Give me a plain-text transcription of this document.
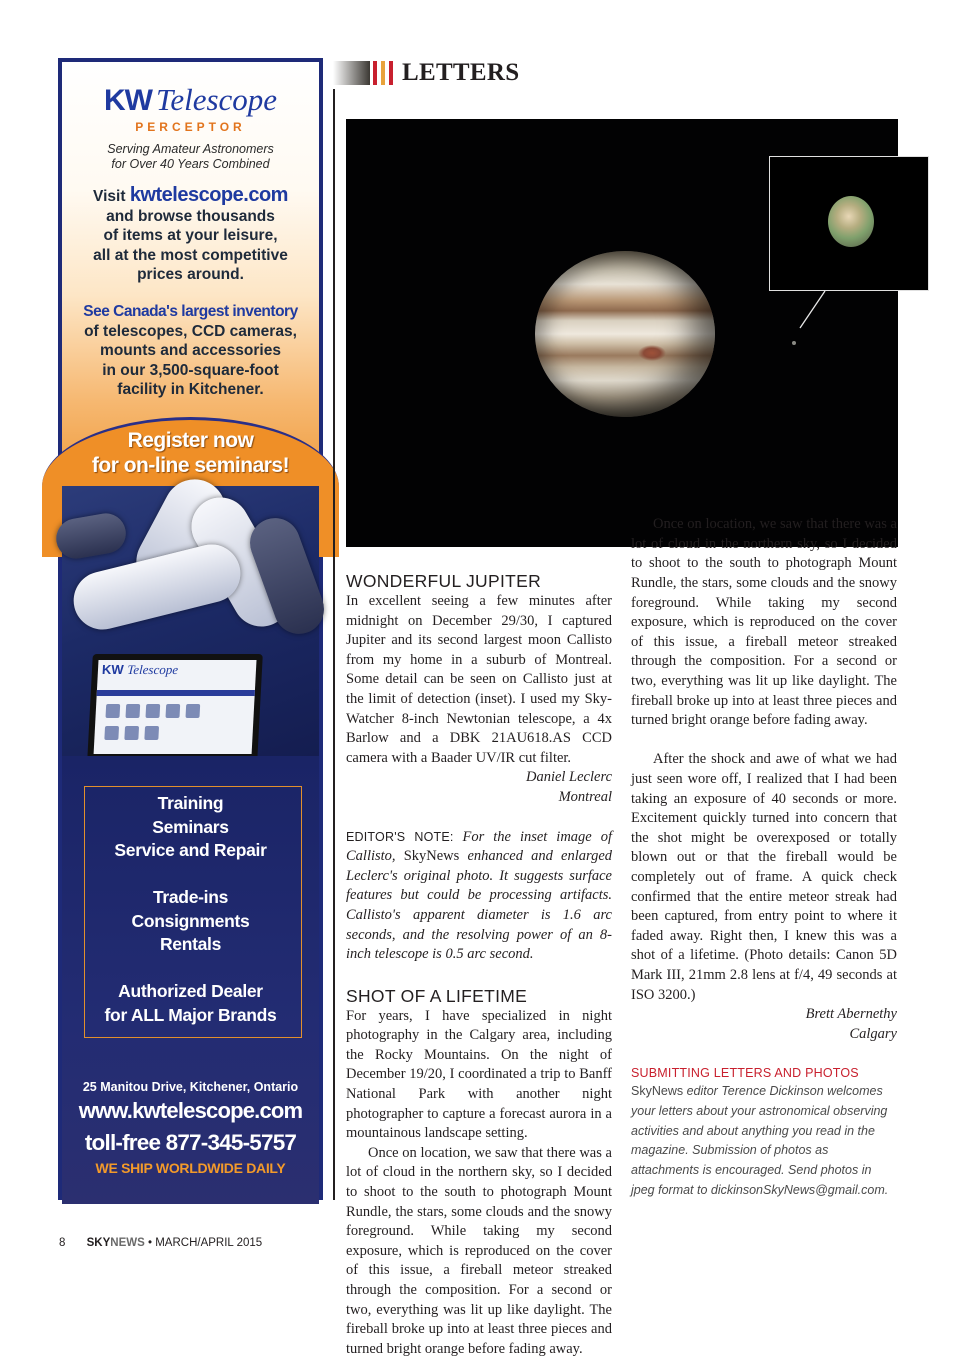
KW Telescope
PERCEPTOR
Serving Amateur Astronomers
for Over 40 Years Combined
Visit kwtelescope.com
and browse thousands
of items at your leisure,
all at the most competitive
prices around.
See Canada's largest inventory
of telescopes, CCD cameras,
mounts and accessories
in our 3,500-square-foot
facility in Kitchener.
Register now
for on-line seminars!
KW Telescope
Training
Seminars
Service and Repair
Trade-ins
Consignments
Rentals
Authorized Dealer
for ALL Major Brands
25 Manitou Drive, Kitchener, Ontario
www.kwtelescope.com
toll-free 877-345-5757
WE SHIP WORLDWIDE DAILY
LETTERS
WONDERFUL JUPITER

In excellent seeing a few minutes after midnight on December 29/30, I captured Jupiter and its second largest moon Callisto from my home in a suburb of Montreal. Some detail can be seen on Callisto just at the limit of detection (inset). I used my Sky-Watcher 8-inch Newtonian telescope, a 4x Barlow and a DBK 21AU618.AS CCD camera with a Baader UV/IR cut filter.

Daniel Leclerc
Montreal

EDITOR'S NOTE: For the inset image of Callisto, SkyNews enhanced and enlarged Leclerc's original photo. It suggests surface features but could be processing artifacts. Callisto's apparent diameter is 1.6 arc seconds, and the resolving power of an 8-inch telescope is 0.5 arc second.

SHOT OF A LIFETIME

For years, I have specialized in night photography in the Calgary area, including the Rocky Mountains. On the night of December 19/20, I coordinated a trip to Banff National Park with another night photographer to capture a forecast aurora in a mountainous landscape setting.

Once on location, we saw that there was a lot of cloud in the northern sky, so I decided to shoot to the south to photograph Mount Rundle, the stars, some clouds and the snowy foreground. While taking my second exposure, which is reproduced on the cover of this issue, a fireball meteor streaked through the composition. For a second or two, everything was lit up like daylight. The fireball broke up into at least three pieces and turned bright orange before fading away.

Once on location, we saw that there was a lot of cloud in the northern sky, so I decided to shoot to the south to photograph Mount Rundle, the stars, some clouds and the snowy foreground. While taking my second exposure, which is reproduced on the cover of this issue, a fireball meteor streaked through the composition. For a second or two, everything was lit up like daylight. The fireball broke up into at least three pieces and turned bright orange before fading away.

After the shock and awe of what we had just seen wore off, I realized that I had been taking an exposure of 40 seconds or more. Excitement quickly turned into concern that the shot might be overexposed or totally blown out or that the fireball would be completely out of frame. A quick check confirmed that the entire meteor streak had been captured, from entry point to where it faded away. Right then, I knew this was a shot of a lifetime. (Photo details: Canon 5D Mark III, 21mm 2.8 lens at f/4, 49 seconds at ISO 3200.)

Brett Abernethy
Calgary
SUBMITTING LETTERS AND PHOTOS

SkyNews editor Terence Dickinson welcomes your letters about your astronomical observing activities and about anything you read in the magazine. Submission of photos as attachments is encouraged. Send photos in jpeg format to dickinsonSkyNews@gmail.com.

8 SKYNEWS • MARCH/APRIL 2015
